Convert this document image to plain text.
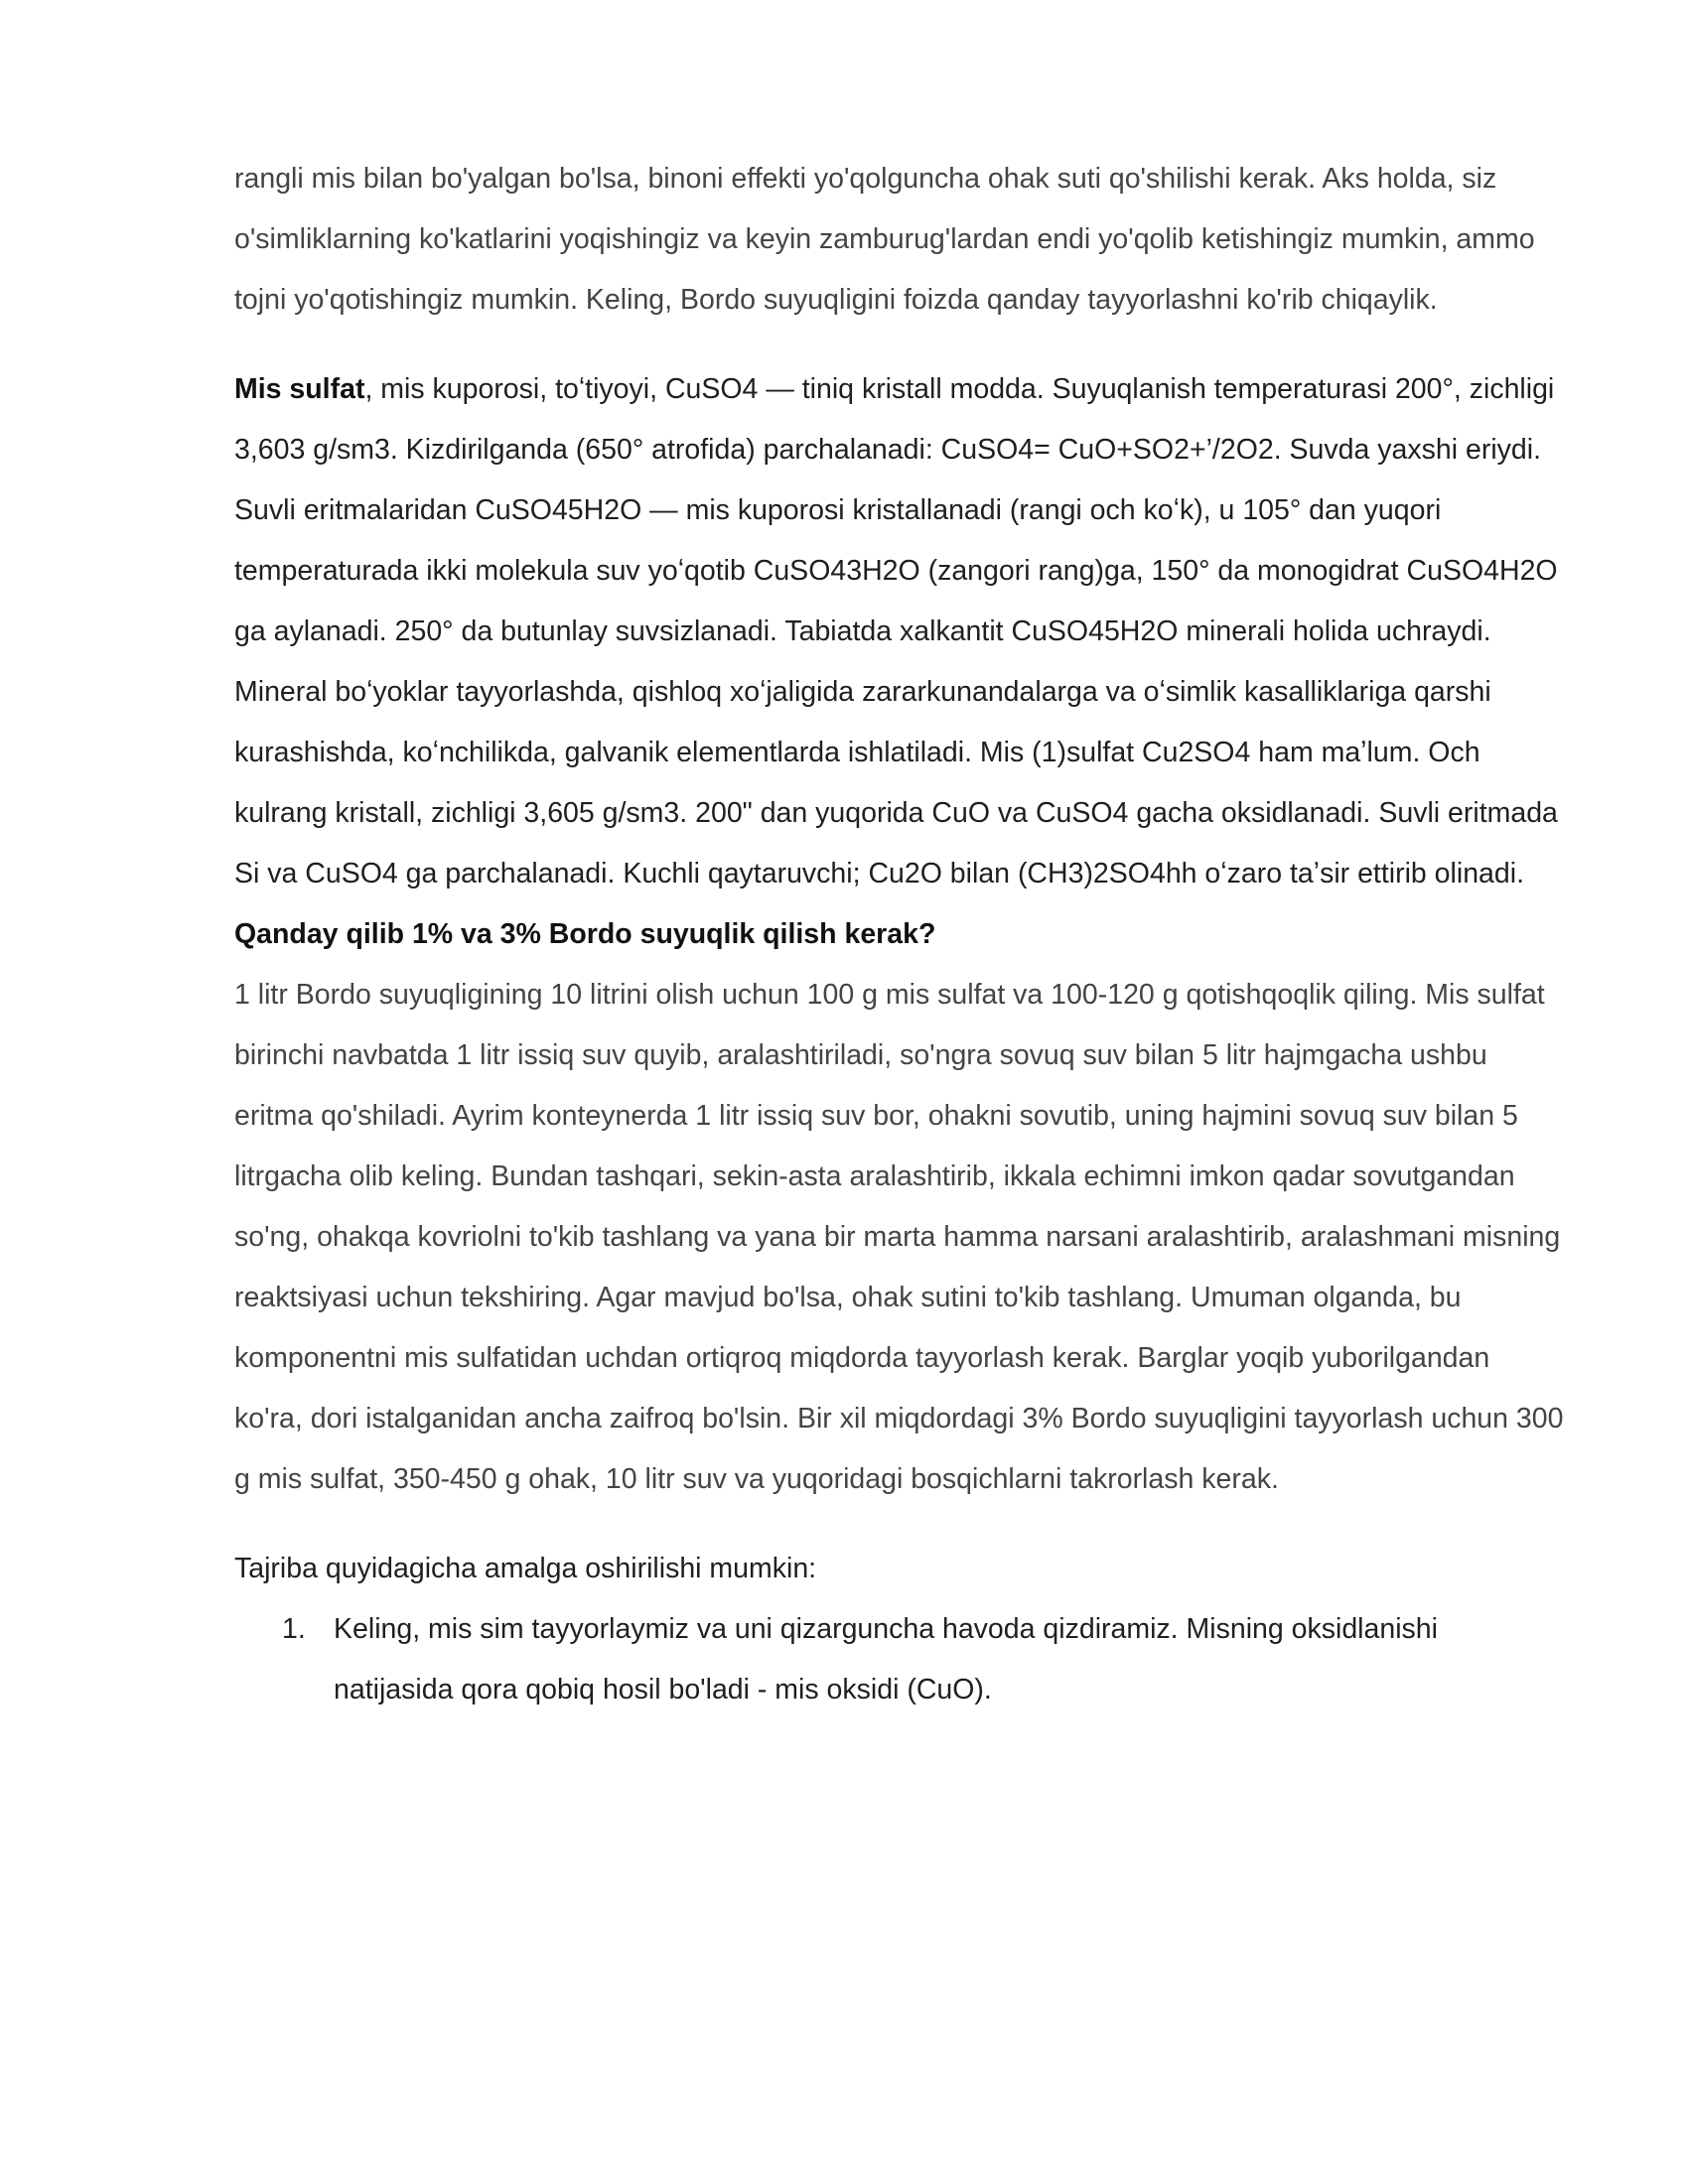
rangli mis bilan bo'yalgan bo'lsa, binoni effekti yo'qolguncha ohak suti qo'shilishi kerak. Aks holda, siz o'simliklarning ko'katlarini yoqishingiz va keyin zamburug'lardan endi yo'qolib ketishingiz mumkin, ammo tojni yo'qotishingiz mumkin. Keling, Bordo suyuqligini foizda qanday tayyorlashni ko'rib chiqaylik.

Mis sulfat, mis kuporosi, toʻtiyoyi, CuSO4 — tiniq kristall modda. Suyuqlanish temperaturasi 200°, zichligi 3,603 g/sm3. Kizdirilganda (650° atrofida) parchalanadi: CuSO4= CuO+SO2+’/2O2. Suvda yaxshi eriydi. Suvli eritmalaridan CuSO45H2O — mis kuporosi kristallanadi (rangi och koʻk), u 105° dan yuqori temperaturada ikki molekula suv yoʻqotib CuSO43H2O (zangori rang)ga, 150° da monogidrat CuSO4H2O ga aylanadi. 250° da butunlay suvsizlanadi. Tabiatda xalkantit CuSO45H2O minerali holida uchraydi. Mineral boʻyoklar tayyorlashda, qishloq xoʻjaligida zararkunandalarga va oʻsimlik kasalliklariga qarshi kurashishda, koʻnchilikda, galvanik elementlarda ishlatiladi. Mis (1)sulfat Cu2SO4 ham maʼlum. Och kulrang kristall, zichligi 3,605 g/sm3. 200" dan yuqorida CuO va CuSO4 gacha oksidlanadi. Suvli eritmada Si va CuSO4 ga parchalanadi. Kuchli qaytaruvchi; Cu2O bilan (CH3)2SO4hh oʻzaro taʼsir ettirib olinadi.

Qanday qilib 1% va 3% Bordo suyuqlik qilish kerak?

1 litr Bordo suyuqligining 10 litrini olish uchun 100 g mis sulfat va 100-120 g qotishqoqlik qiling. Mis sulfat birinchi navbatda 1 litr issiq suv quyib, aralashtiriladi, so'ngra sovuq suv bilan 5 litr hajmgacha ushbu eritma qo'shiladi. Ayrim konteynerda 1 litr issiq suv bor, ohakni sovutib, uning hajmini sovuq suv bilan 5 litrgacha olib keling. Bundan tashqari, sekin-asta aralashtirib, ikkala echimni imkon qadar sovutgandan so'ng, ohakqa kovriolni to'kib tashlang va yana bir marta hamma narsani aralashtirib, aralashmani misning reaktsiyasi uchun tekshiring. Agar mavjud bo'lsa, ohak sutini to'kib tashlang. Umuman olganda, bu komponentni mis sulfatidan uchdan ortiqroq miqdorda tayyorlash kerak. Barglar yoqib yuborilgandan ko'ra, dori istalganidan ancha zaifroq bo'lsin. Bir xil miqdordagi 3% Bordo suyuqligini tayyorlash uchun 300 g mis sulfat, 350-450 g ohak, 10 litr suv va yuqoridagi bosqichlarni takrorlash kerak.

Tajriba quyidagicha amalga oshirilishi mumkin:

1. Keling, mis sim tayyorlaymiz va uni qizarguncha havoda qizdiramiz. Misning oksidlanishi natijasida qora qobiq hosil bo'ladi - mis oksidi (CuO).
